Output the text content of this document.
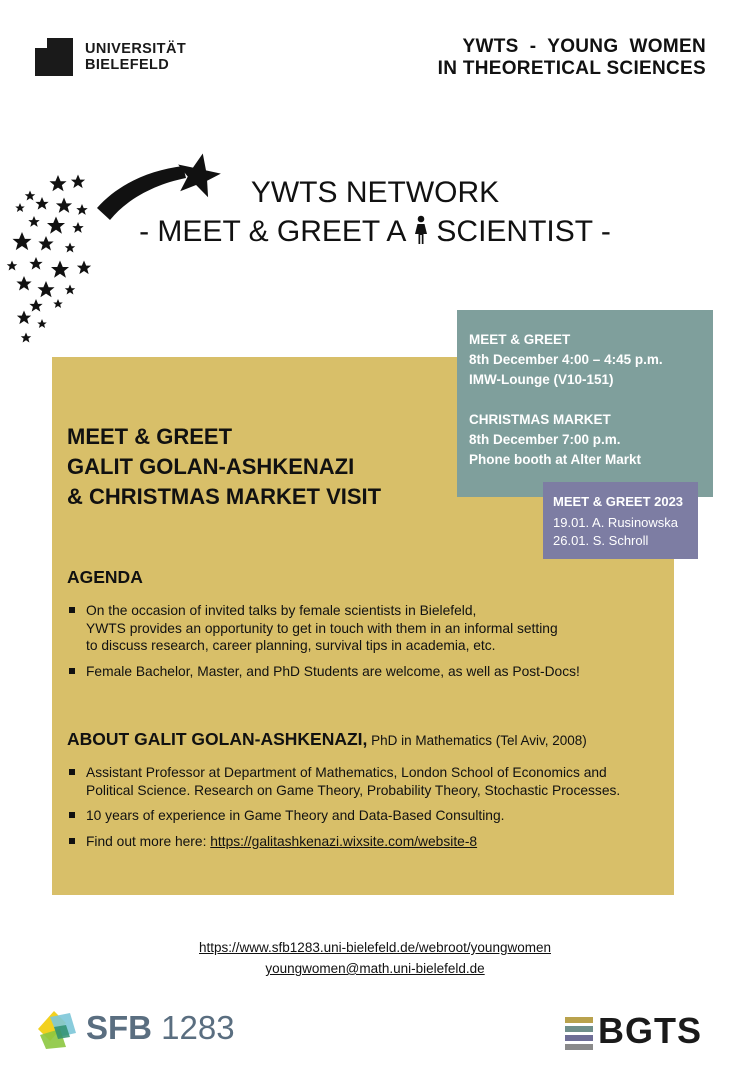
UNIVERSITÄT
BIELEFELD
YWTS  -  YOUNG  WOMEN
IN THEORETICAL SCIENCES
YWTS NETWORK
- MEET & GREET A SCIENTIST -
MEET & GREET
GALIT GOLAN-ASHKENAZI
& CHRISTMAS MARKET VISIT
AGENDA
On the occasion of invited talks by female scientists in Bielefeld,
YWTS provides an opportunity to get in touch with them in an informal setting
to discuss research, career planning, survival tips in academia, etc.
Female Bachelor, Master, and PhD Students are welcome, as well as Post-Docs!
ABOUT GALIT GOLAN-ASHKENAZI, PhD in Mathematics (Tel Aviv, 2008)
Assistant Professor at Department of Mathematics, London School of Economics and
Political Science. Research on Game Theory, Probability Theory, Stochastic Processes.
10 years of experience in Game Theory and Data-Based Consulting.
Find out more here: https://galitashkenazi.wixsite.com/website-8
MEET & GREET
8th December 4:00 – 4:45 p.m.
IMW-Lounge (V10-151)
CHRISTMAS MARKET
8th December 7:00 p.m.
Phone booth at Alter Markt
MEET & GREET 2023
19.01. A. Rusinowska
26.01. S. Schroll
https://www.sfb1283.uni-bielefeld.de/webroot/youngwomen
youngwomen@math.uni-bielefeld.de
SFB 1283	BGTS
